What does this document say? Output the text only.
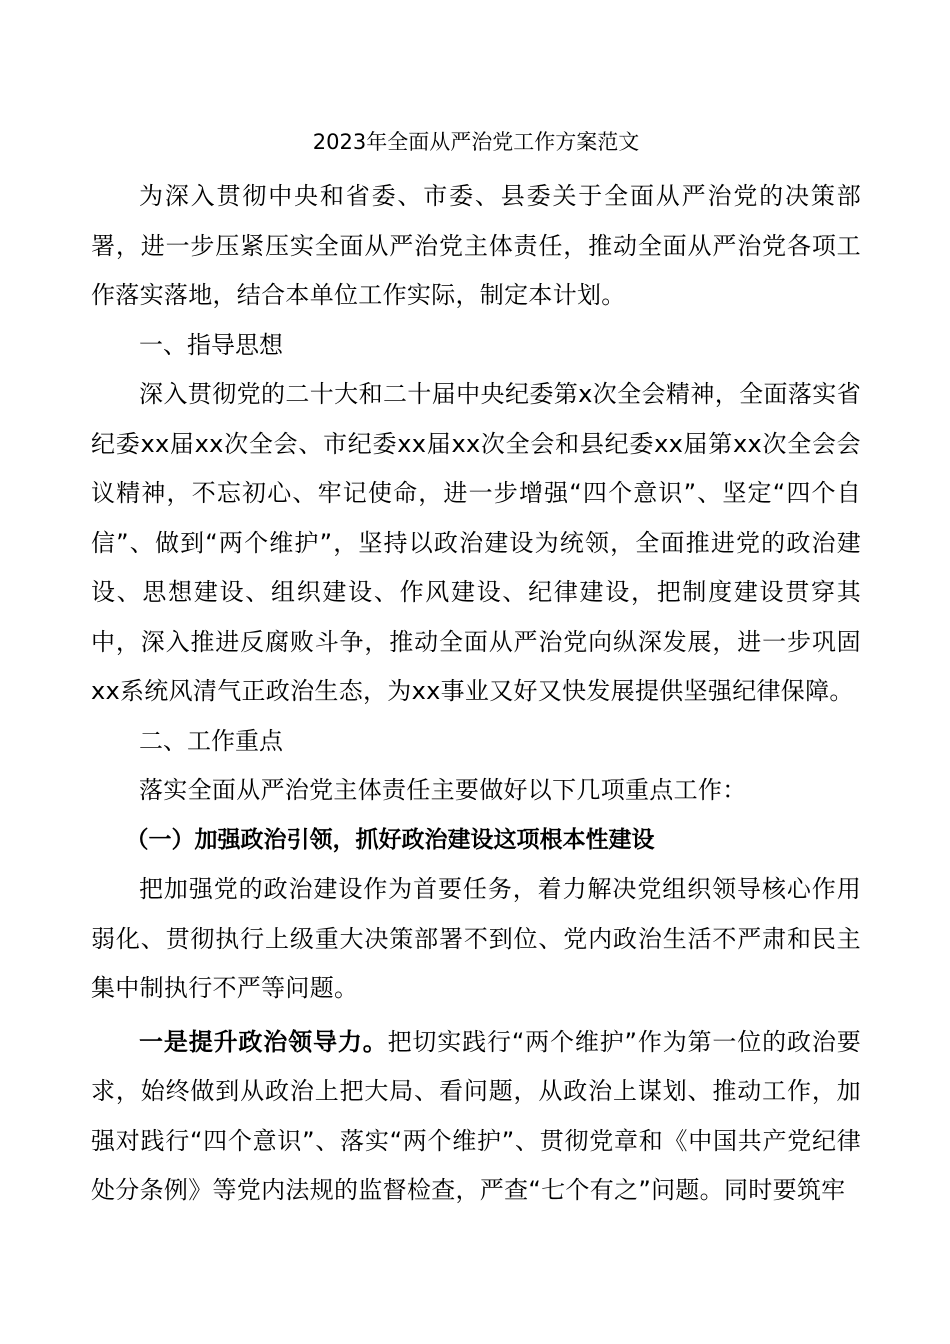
2023年全面从严治党工作方案范文

为深入贯彻中央和省委、市委、县委关于全面从严治党的决策部署，进一步压紧压实全面从严治党主体责任，推动全面从严治党各项工作落实落地，结合本单位工作实际，制定本计划。

一、指导思想

深入贯彻党的二十大和二十届中央纪委第x次全会精神，全面落实省纪委xx届xx次全会、市纪委xx届xx次全会和县纪委xx届第xx次全会会议精神，不忘初心、牢记使命，进一步增强“四个意识”、坚定“四个自信”、做到“两个维护”，坚持以政治建设为统领，全面推进党的政治建设、思想建设、组织建设、作风建设、纪律建设，把制度建设贯穿其中，深入推进反腐败斗争，推动全面从严治党向纵深发展，进一步巩固xx系统风清气正政治生态，为xx事业又好又快发展提供坚强纪律保障。

二、工作重点

落实全面从严治党主体责任主要做好以下几项重点工作：

（一）加强政治引领，抓好政治建设这项根本性建设

把加强党的政治建设作为首要任务，着力解决党组织领导核心作用弱化、贯彻执行上级重大决策部署不到位、党内政治生活不严肃和民主集中制执行不严等问题。

一是提升政治领导力。把切实践行“两个维护”作为第一位的政治要求，始终做到从政治上把大局、看问题，从政治上谋划、推动工作，加强对践行“四个意识”、落实“两个维护”、贯彻党章和《中国共产党纪律处分条例》等党内法规的监督检查，严查“七个有之”问题。同时要筑牢
